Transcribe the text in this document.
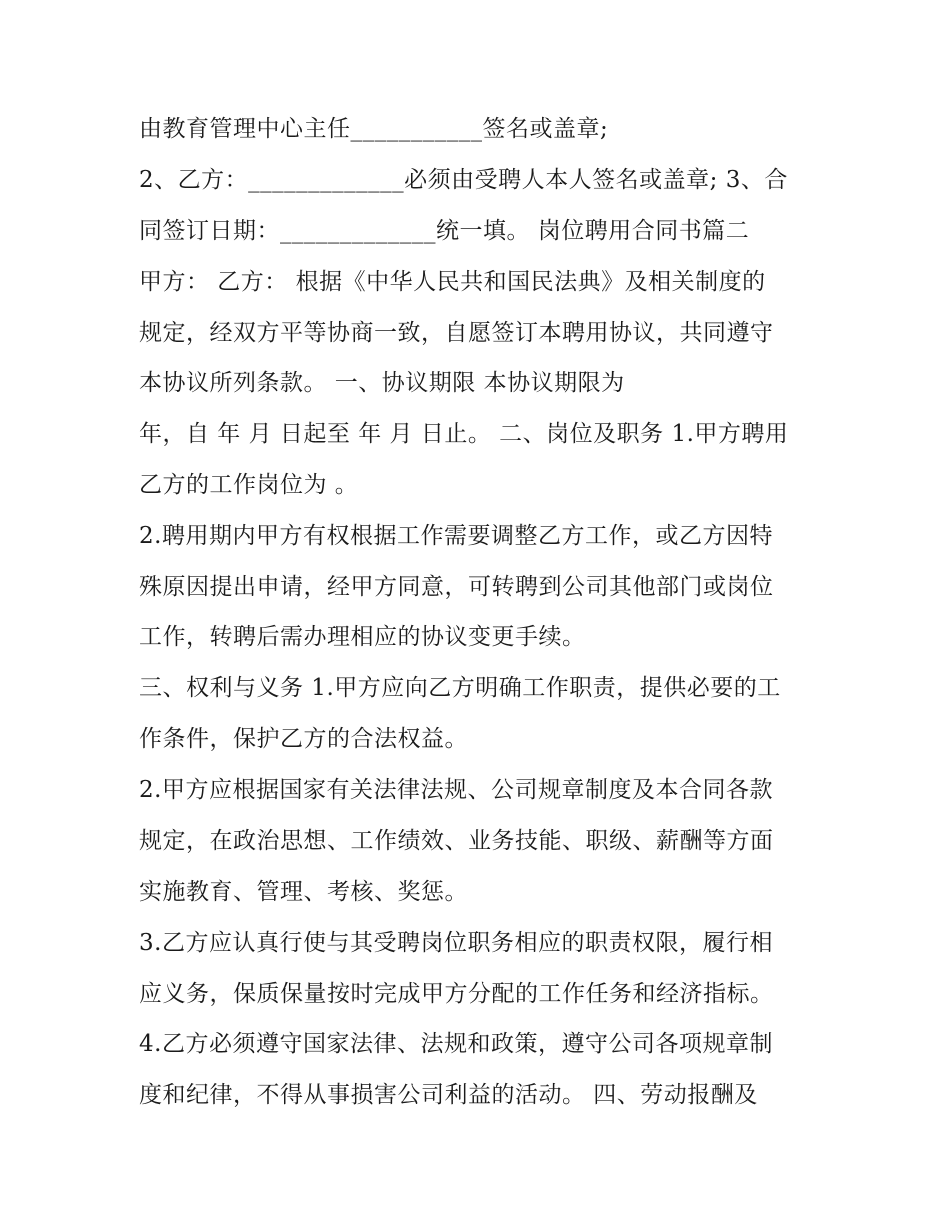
由教育管理中心主任___________签名或盖章;
2、乙方：_____________必须由受聘人本人签名或盖章; 3、合
同签订日期：_____________统一填。 岗位聘用合同书篇二
甲方： 乙方： 根据《中华人民共和国民法典》及相关制度的
规定，经双方平等协商一致，自愿签订本聘用协议，共同遵守
本协议所列条款。 一、协议期限 本协议期限为
年，自 年 月 日起至 年 月 日止。 二、岗位及职务 1.甲方聘用
乙方的工作岗位为 。
2.聘用期内甲方有权根据工作需要调整乙方工作，或乙方因特
殊原因提出申请，经甲方同意，可转聘到公司其他部门或岗位
工作，转聘后需办理相应的协议变更手续。
三、权利与义务 1.甲方应向乙方明确工作职责，提供必要的工
作条件，保护乙方的合法权益。
2.甲方应根据国家有关法律法规、公司规章制度及本合同各款
规定，在政治思想、工作绩效、业务技能、职级、薪酬等方面
实施教育、管理、考核、奖惩。
3.乙方应认真行使与其受聘岗位职务相应的职责权限，履行相
应义务，保质保量按时完成甲方分配的工作任务和经济指标。
4.乙方必须遵守国家法律、法规和政策，遵守公司各项规章制
度和纪律，不得从事损害公司利益的活动。 四、劳动报酬及
